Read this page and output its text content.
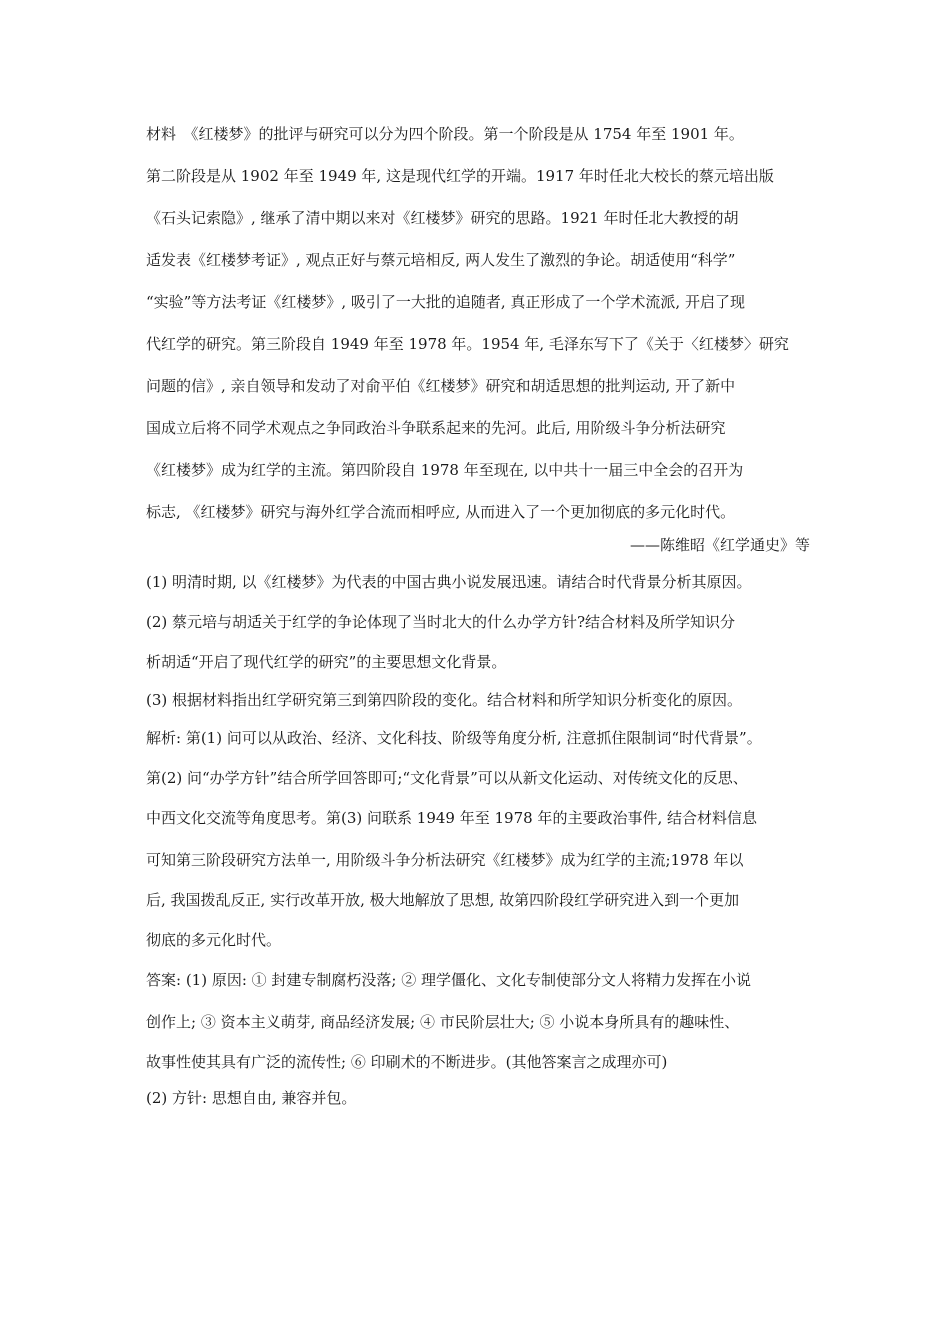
材料　《红楼梦》的批评与研究可以分为四个阶段。第一个阶段是从 1754 年至 1901 年。
第二阶段是从 1902 年至 1949 年, 这是现代红学的开端。1917 年时任北大校长的蔡元培出版
《石头记索隐》, 继承了清中期以来对《红楼梦》研究的思路。1921 年时任北大教授的胡
适发表《红楼梦考证》, 观点正好与蔡元培相反, 两人发生了激烈的争论。胡适使用“科学”
“实验”等方法考证《红楼梦》, 吸引了一大批的追随者, 真正形成了一个学术流派, 开启了现
代红学的研究。第三阶段自 1949 年至 1978 年。1954 年, 毛泽东写下了《关于〈红楼梦〉研究
问题的信》, 亲自领导和发动了对俞平伯《红楼梦》研究和胡适思想的批判运动, 开了新中
国成立后将不同学术观点之争同政治斗争联系起来的先河。此后, 用阶级斗争分析法研究
《红楼梦》成为红学的主流。第四阶段自 1978 年至现在, 以中共十一届三中全会的召开为
标志, 《红楼梦》研究与海外红学合流而相呼应, 从而进入了一个更加彻底的多元化时代。
——陈维昭《红学通史》等
(1) 明清时期, 以《红楼梦》为代表的中国古典小说发展迅速。请结合时代背景分析其原因。
(2) 蔡元培与胡适关于红学的争论体现了当时北大的什么办学方针?结合材料及所学知识分
析胡适“开启了现代红学的研究”的主要思想文化背景。
(3) 根据材料指出红学研究第三到第四阶段的变化。结合材料和所学知识分析变化的原因。
解析: 第(1) 问可以从政治、经济、文化科技、阶级等角度分析, 注意抓住限制词“时代背景”。
第(2) 问“办学方针”结合所学回答即可;“文化背景”可以从新文化运动、对传统文化的反思、
中西文化交流等角度思考。第(3) 问联系 1949 年至 1978 年的主要政治事件, 结合材料信息
可知第三阶段研究方法单一, 用阶级斗争分析法研究《红楼梦》成为红学的主流;1978 年以
后, 我国拨乱反正, 实行改革开放, 极大地解放了思想, 故第四阶段红学研究进入到一个更加
彻底的多元化时代。
答案: (1) 原因: ① 封建专制腐朽没落; ② 理学僵化、文化专制使部分文人将精力发挥在小说
创作上; ③ 资本主义萌芽, 商品经济发展; ④ 市民阶层壮大; ⑤ 小说本身所具有的趣味性、
故事性使其具有广泛的流传性; ⑥ 印刷术的不断进步。(其他答案言之成理亦可)
(2) 方针: 思想自由, 兼容并包。
